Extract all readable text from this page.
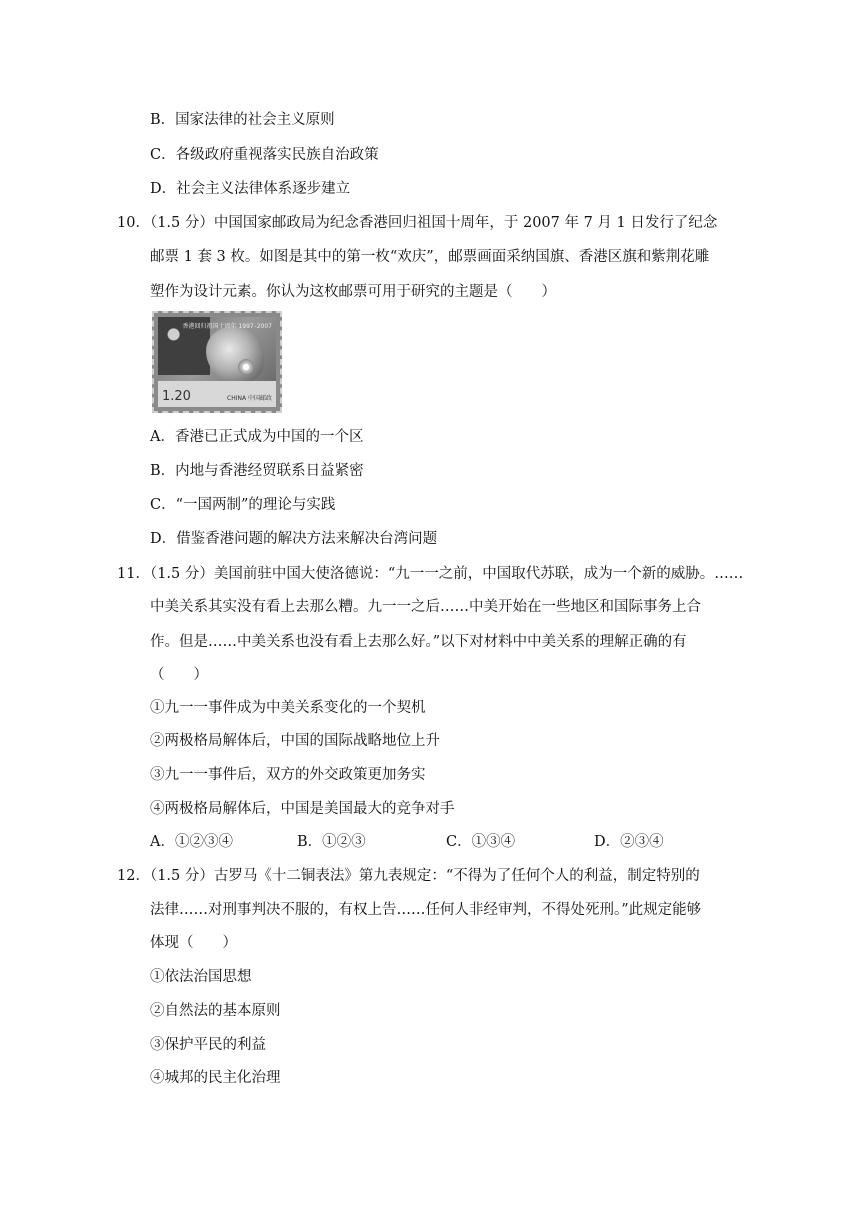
B．国家法律的社会主义原则
C．各级政府重视落实民族自治政策
D．社会主义法律体系逐步建立
10．（1.5 分）中国国家邮政局为纪念香港回归祖国十周年，于 2007 年 7 月 1 日发行了纪念
邮票 1 套 3 枚。如图是其中的第一枚“欢庆”，邮票画面采纳国旗、香港区旗和紫荆花雕
塑作为设计元素。你认为这枚邮票可用于研究的主题是（　　）
香港回归祖国十周年 1997–2007
1.20	CHINA 中国邮政
A．香港已正式成为中国的一个区
B．内地与香港经贸联系日益紧密
C．“一国两制”的理论与实践
D．借鉴香港问题的解决方法来解决台湾问题
11．（1.5 分）美国前驻中国大使洛德说：“九一一之前，中国取代苏联，成为一个新的威胁。……
中美关系其实没有看上去那么糟。九一一之后……中美开始在一些地区和国际事务上合
作。但是……中美关系也没有看上去那么好。”以下对材料中中美关系的理解正确的有
（　　）
①九一一事件成为中美关系变化的一个契机
②两极格局解体后，中国的国际战略地位上升
③九一一事件后，双方的外交政策更加务实
④两极格局解体后，中国是美国最大的竞争对手
A．①②③④	B．①②③	C．①③④	D．②③④
12．（1.5 分）古罗马《十二铜表法》第九表规定：“不得为了任何个人的利益，制定特别的
法律……对刑事判决不服的，有权上告……任何人非经审判，不得处死刑。”此规定能够
体现（　　）
①依法治国思想
②自然法的基本原则
③保护平民的利益
④城邦的民主化治理
